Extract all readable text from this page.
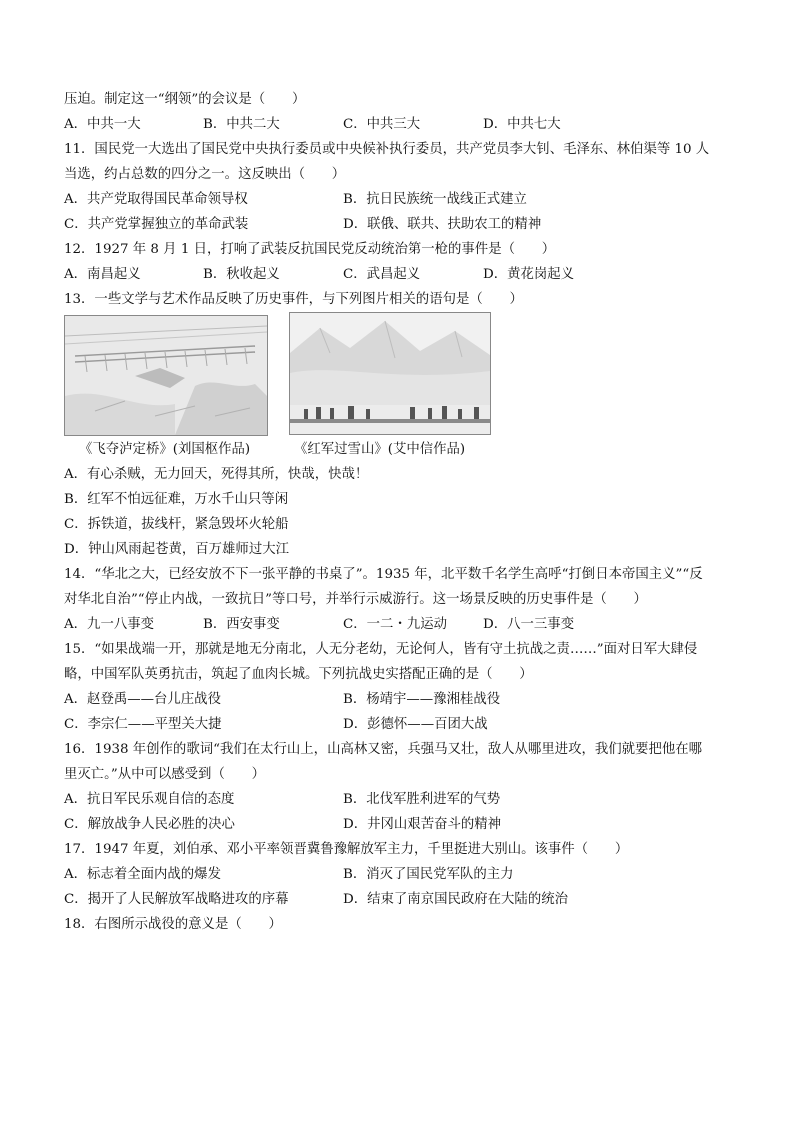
压迫。制定这一“纲领”的会议是（　　）
A．中共一大	B．中共二大	C．中共三大	D．中共七大
11．国民党一大选出了国民党中央执行委员或中央候补执行委员，共产党员李大钊、毛泽东、林伯渠等 10 人
当选，约占总数的四分之一。这反映出（　　）
A．共产党取得国民革命领导权	B．抗日民族统一战线正式建立
C．共产党掌握独立的革命武装	D．联俄、联共、扶助农工的精神
12．1927 年 8 月 1 日，打响了武装反抗国民党反动统治第一枪的事件是（　　）
A．南昌起义	B．秋收起义	C．武昌起义	D．黄花岗起义
13．一些文学与艺术作品反映了历史事件，与下列图片相关的语句是（　　）
《飞夺泸定桥》(刘国枢作品)	《红军过雪山》(艾中信作品)
A．有心杀贼，无力回天，死得其所，快哉，快哉！
B．红军不怕远征难，万水千山只等闲
C．拆铁道，拔线杆，紧急毁坏火轮船
D．钟山风雨起苍黄，百万雄师过大江
14．“华北之大，已经安放不下一张平静的书桌了”。1935 年，北平数千名学生高呼“打倒日本帝国主义”“反
对华北自治”“停止内战，一致抗日”等口号，并举行示威游行。这一场景反映的历史事件是（　　）
A．九一八事变	B．西安事变	C．一二・九运动	D．八一三事变
15．“如果战端一开，那就是地无分南北，人无分老幼，无论何人，皆有守土抗战之责……”面对日军大肆侵
略，中国军队英勇抗击，筑起了血肉长城。下列抗战史实搭配正确的是（　　）
A．赵登禹——台儿庄战役	B．杨靖宇——豫湘桂战役
C．李宗仁——平型关大捷	D．彭德怀——百团大战
16．1938 年创作的歌词“我们在太行山上，山高林又密，兵强马又壮，敌人从哪里进攻，我们就要把他在哪
里灭亡。”从中可以感受到（　　）
A．抗日军民乐观自信的态度	B．北伐军胜利进军的气势
C．解放战争人民必胜的决心	D．井冈山艰苦奋斗的精神
17．1947 年夏，刘伯承、邓小平率领晋冀鲁豫解放军主力，千里挺进大别山。该事件（　　）
A．标志着全面内战的爆发	B．消灭了国民党军队的主力
C．揭开了人民解放军战略进攻的序幕	D．结束了南京国民政府在大陆的统治
18．右图所示战役的意义是（　　）
